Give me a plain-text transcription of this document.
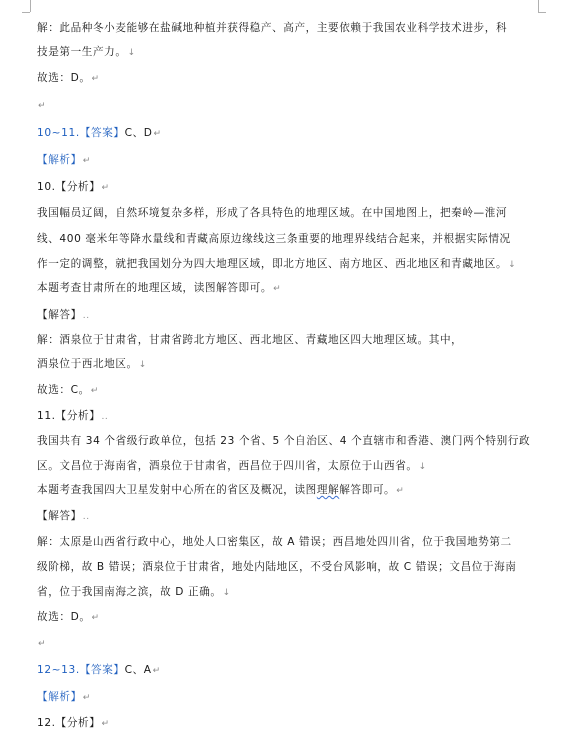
解：此品种冬小麦能够在盐碱地种植并获得稳产、高产，主要依赖于我国农业科学技术进步，科
技是第一生产力。↓
故选：D。↵
↵
10~11.【答案】C、D↵
【解析】↵
10.【分析】↵
我国幅员辽阔，自然环境复杂多样，形成了各具特色的地理区域。在中国地图上，把秦岭—淮河
线、400 毫米年等降水量线和青藏高原边缘线这三条重要的地理界线结合起来，并根据实际情况
作一定的调整，就把我国划分为四大地理区域，即北方地区、南方地区、西北地区和青藏地区。↓
本题考查甘肃所在的地理区域，读图解答即可。↵
【解答】..
解：酒泉位于甘肃省，甘肃省跨北方地区、西北地区、青藏地区四大地理区域。其中，
酒泉位于西北地区。↓
故选：C。↵
11.【分析】..
我国共有 34 个省级行政单位，包括 23 个省、5 个自治区、4 个直辖市和香港、澳门两个特别行政
区。文昌位于海南省，酒泉位于甘肃省，西昌位于四川省，太原位于山西省。↓
本题考查我国四大卫星发射中心所在的省区及概况，读图理解解答即可。↵
【解答】..
解：太原是山西省行政中心，地处人口密集区，故 A 错误；西昌地处四川省，位于我国地势第二
级阶梯，故 B 错误；酒泉位于甘肃省，地处内陆地区，不受台风影响，故 C 错误；文昌位于海南
省，位于我国南海之滨，故 D 正确。↓
故选：D。↵
↵
12~13.【答案】C、A↵
【解析】↵
12.【分析】↵
